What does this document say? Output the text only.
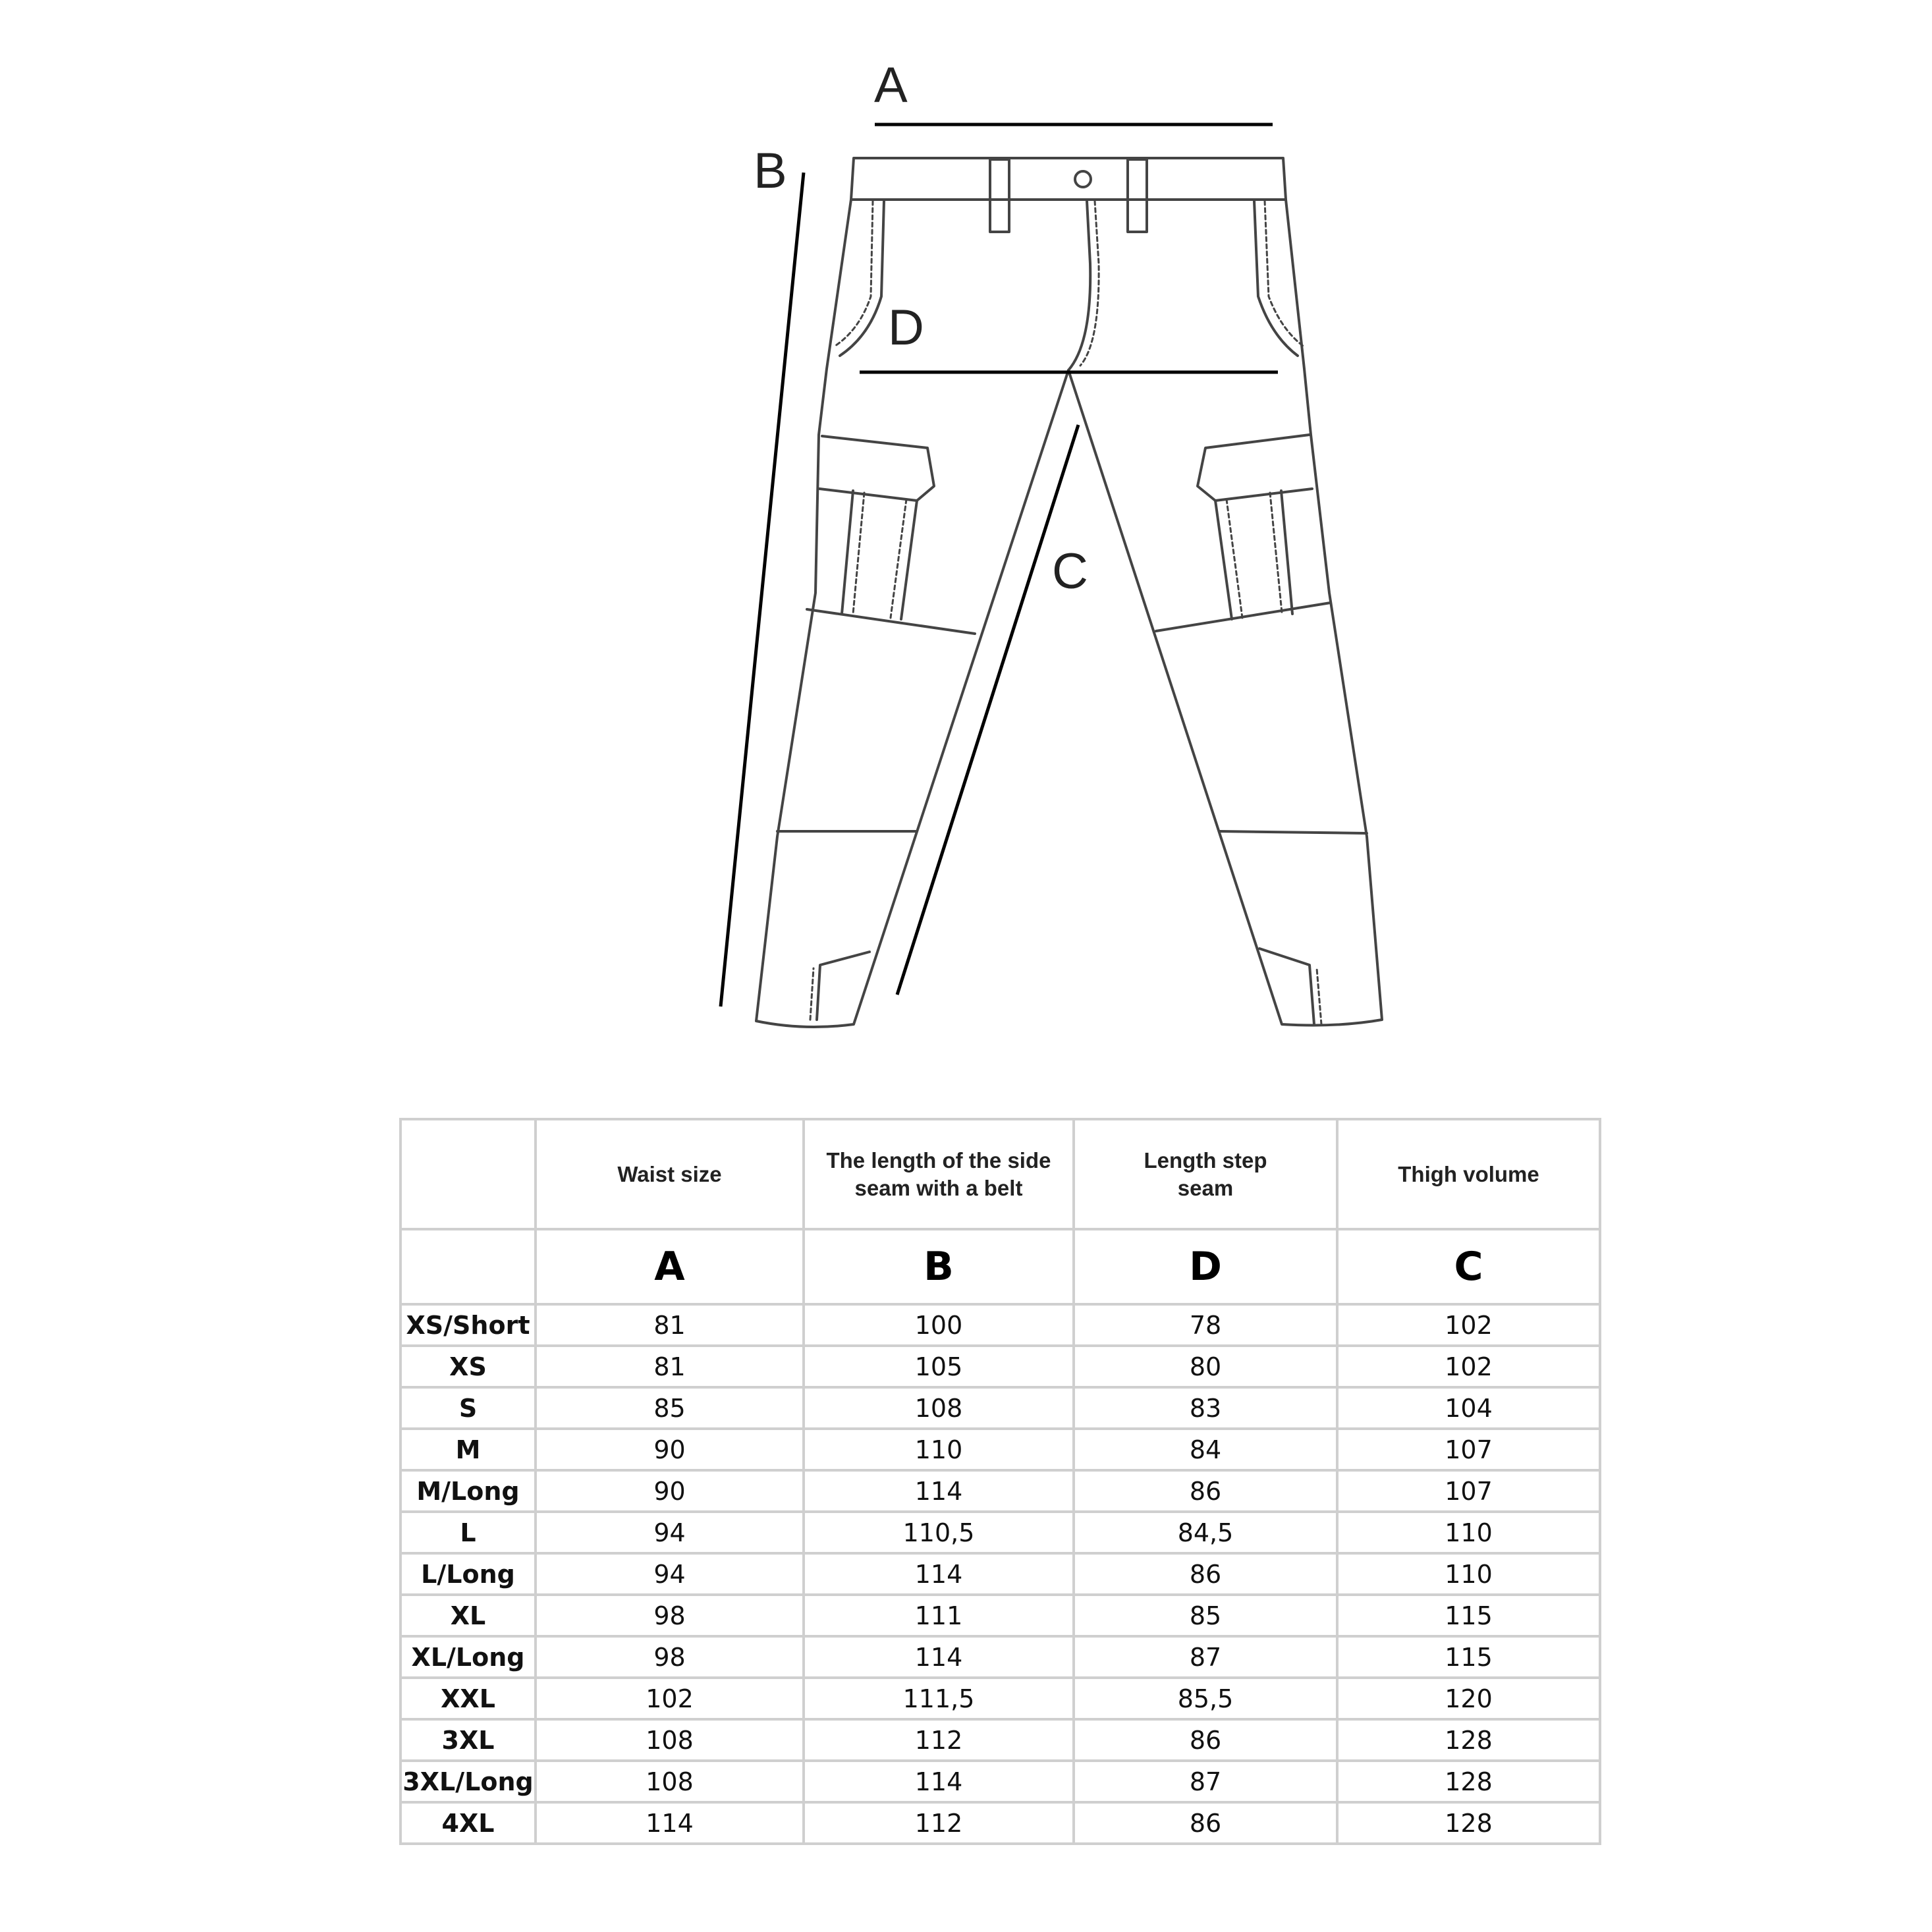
A
B
D
C
	Waist size	The length of the side seam with a belt	Length step seam	Thigh volume
	A	B	D	C
XS/Short	81	100	78	102
XS	81	105	80	102
S	85	108	83	104
M	90	110	84	107
M/Long	90	114	86	107
L	94	110,5	84,5	110
L/Long	94	114	86	110
XL	98	111	85	115
XL/Long	98	114	87	115
XXL	102	111,5	85,5	120
3XL	108	112	86	128
3XL/Long	108	114	87	128
4XL	114	112	86	128
